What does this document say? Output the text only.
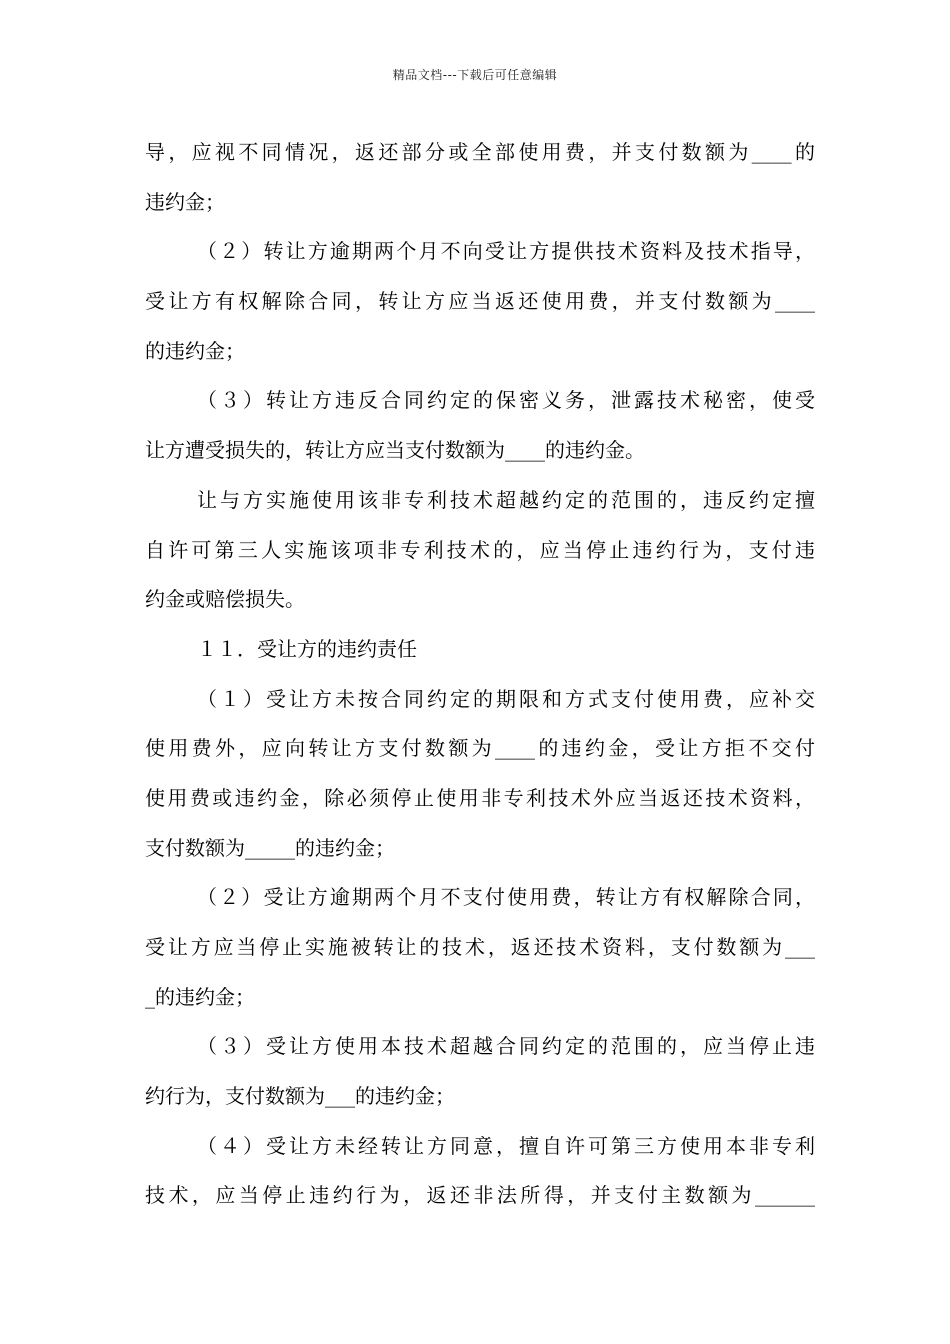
精品文档---下载后可任意编辑
导，应视不同情况，返还部分或全部使用费，并支付数额为____的
违约金；
（２）转让方逾期两个月不向受让方提供技术资料及技术指导，
受让方有权解除合同，转让方应当返还使用费，并支付数额为____
的违约金；
（３）转让方违反合同约定的保密义务，泄露技术秘密，使受
让方遭受损失的，转让方应当支付数额为____的违约金。
让与方实施使用该非专利技术超越约定的范围的，违反约定擅
自许可第三人实施该项非专利技术的，应当停止违约行为，支付违
约金或赔偿损失。
１１．受让方的违约责任
（１）受让方未按合同约定的期限和方式支付使用费，应补交
使用费外，应向转让方支付数额为____的违约金，受让方拒不交付
使用费或违约金，除必须停止使用非专利技术外应当返还技术资料，
支付数额为_____的违约金；
（２）受让方逾期两个月不支付使用费，转让方有权解除合同，
受让方应当停止实施被转让的技术，返还技术资料，支付数额为___
_的违约金；
（３）受让方使用本技术超越合同约定的范围的，应当停止违
约行为，支付数额为___的违约金；
（４）受让方未经转让方同意，擅自许可第三方使用本非专利
技术，应当停止违约行为，返还非法所得，并支付主数额为______
